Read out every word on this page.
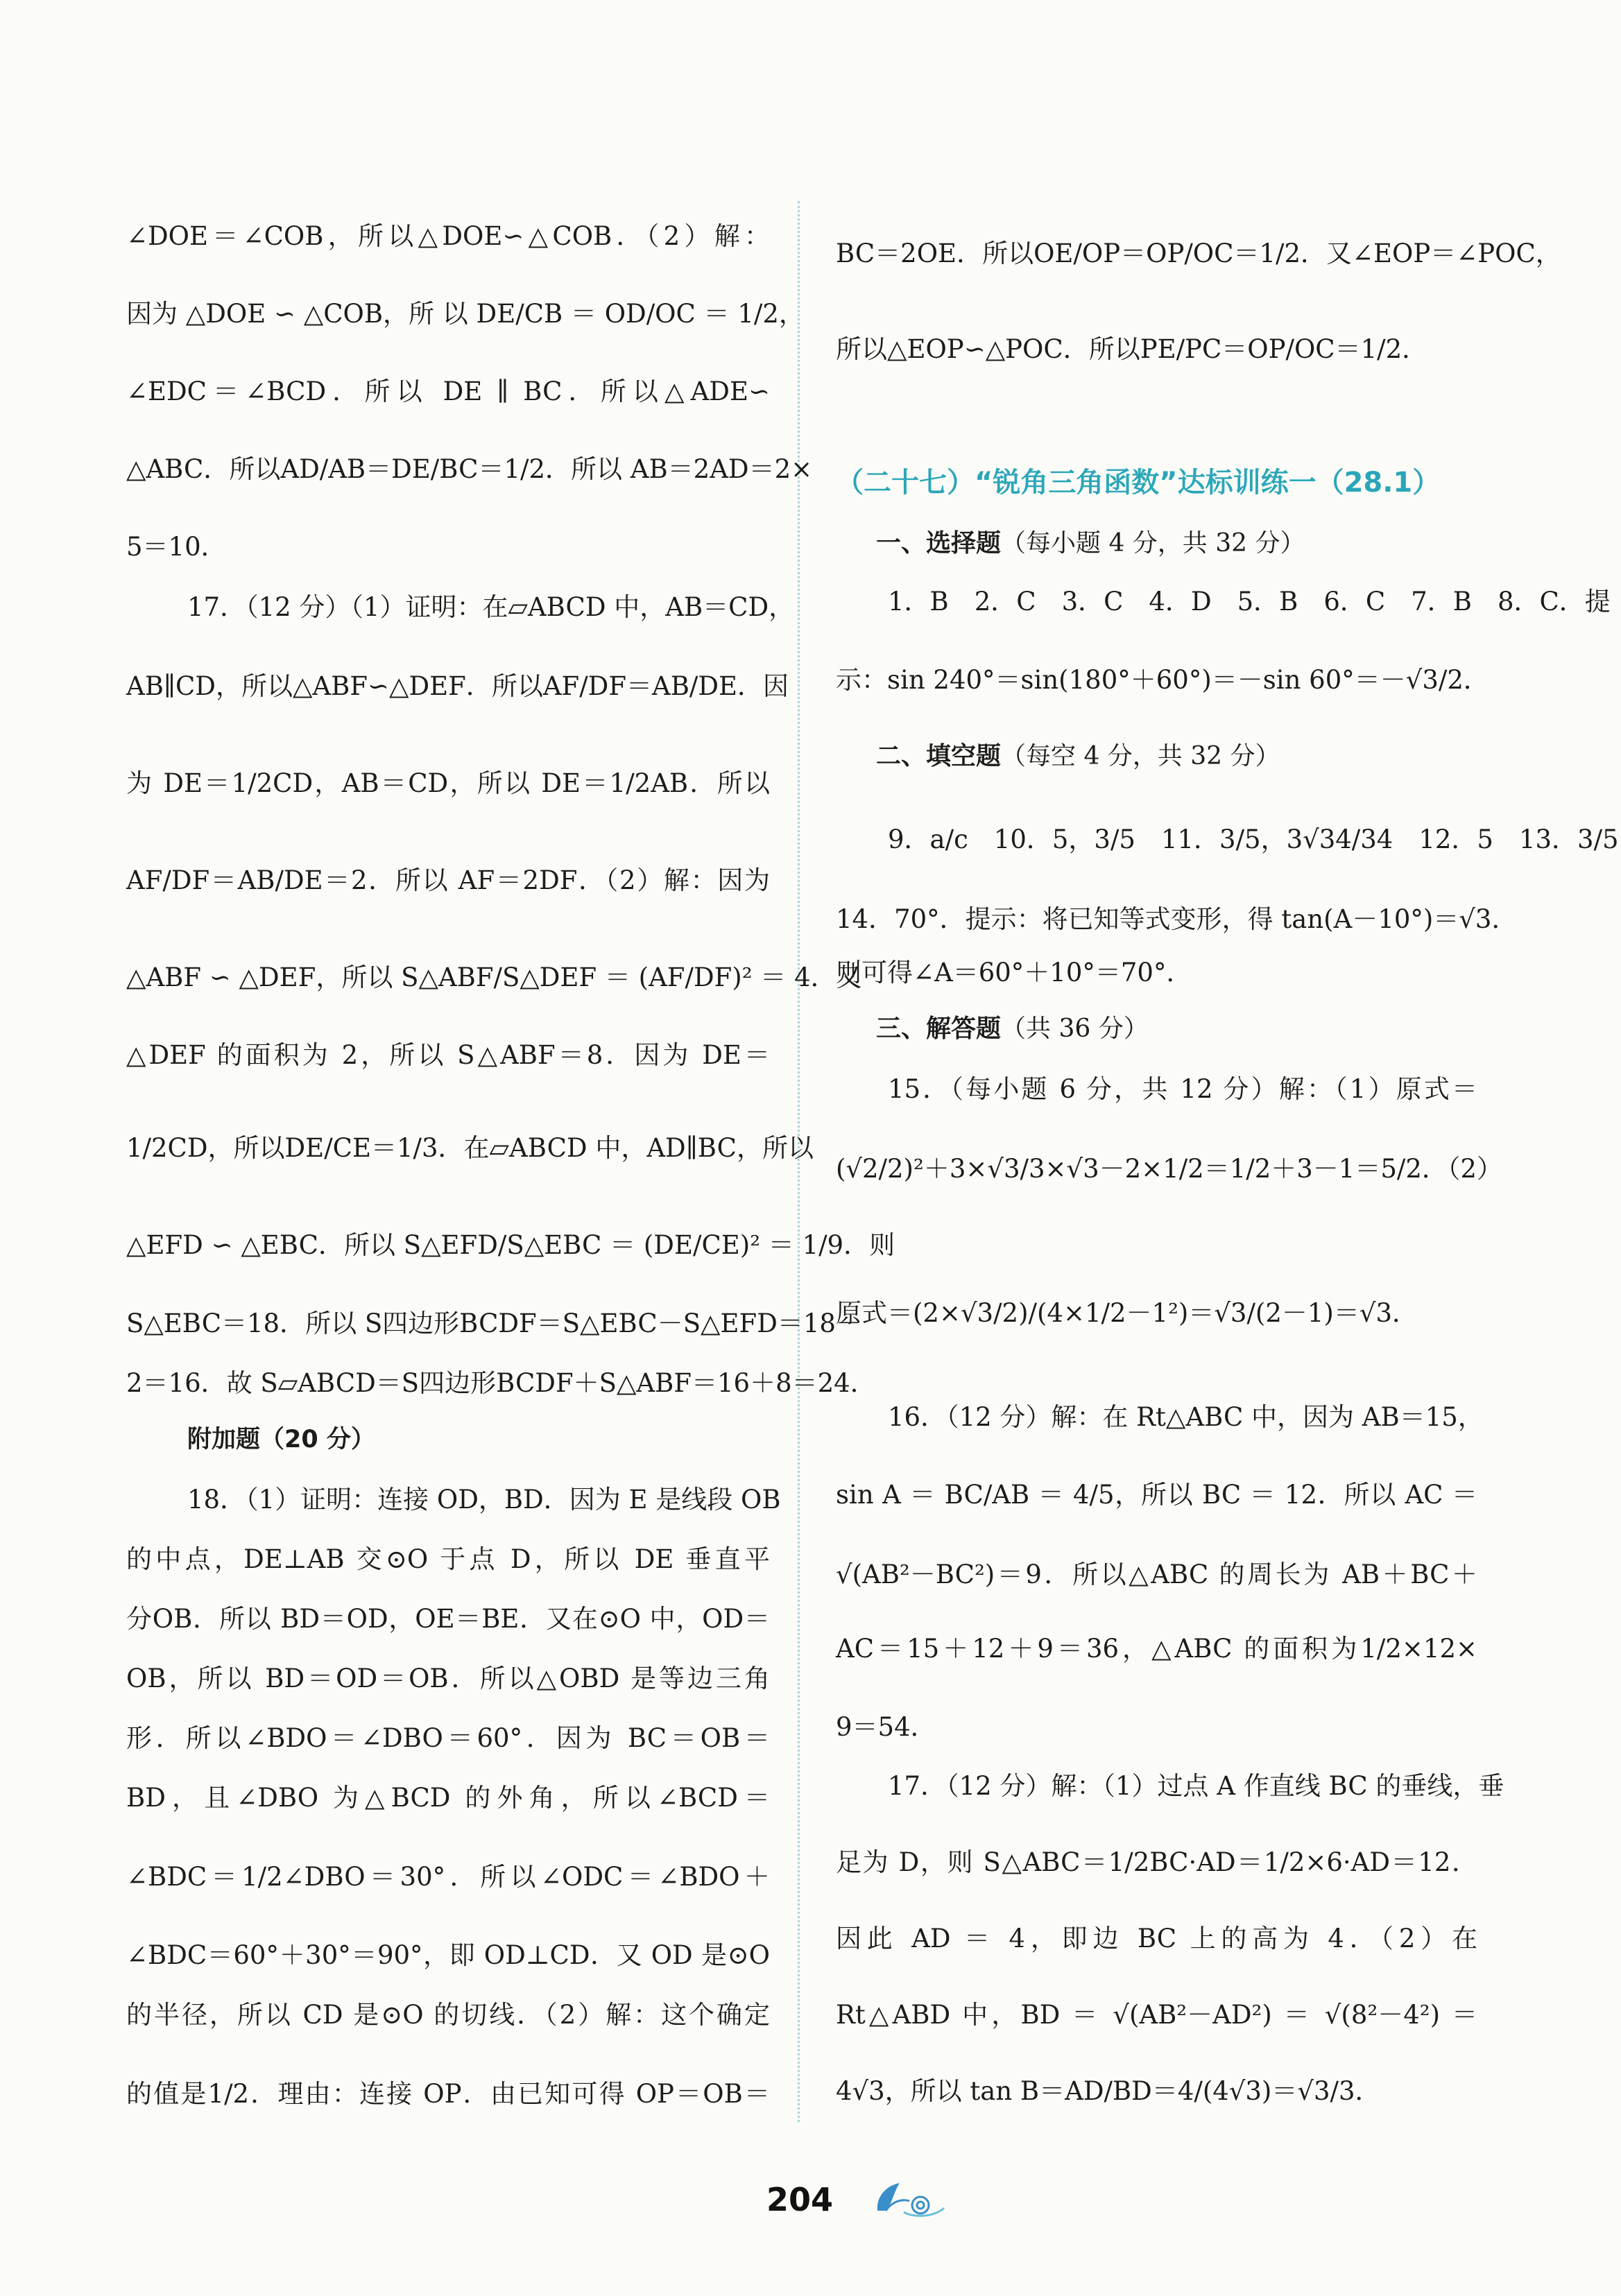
∠DOE＝∠COB，所以△DOE∽△COB．（2）解：
因为 △DOE ∽ △COB，所 以 DE/CB ＝ OD/OC ＝ 1/2，
∠EDC＝∠BCD．所以 DE ∥ BC．所以△ADE∽
△ABC．所以AD/AB＝DE/BC＝1/2．所以 AB＝2AD＝2×
5＝10．
17．（12 分）（1）证明：在▱ABCD 中，AB＝CD，
AB∥CD，所以△ABF∽△DEF．所以AF/DF＝AB/DE．因
为 DE＝1/2CD，AB＝CD，所以 DE＝1/2AB．所以
AF/DF＝AB/DE＝2．所以 AF＝2DF．（2）解：因为
△ABF ∽ △DEF，所以 S△ABF/S△DEF ＝ (AF/DF)² ＝ 4．又
△DEF 的面积为 2，所以 S△ABF＝8．因为 DE＝
1/2CD，所以DE/CE＝1/3．在▱ABCD 中，AD∥BC，所以
△EFD ∽ △EBC．所以 S△EFD/S△EBC ＝ (DE/CE)² ＝ 1/9．则
S△EBC＝18．所以 S四边形BCDF＝S△EBC－S△EFD＝18－
2＝16．故 S▱ABCD＝S四边形BCDF＋S△ABF＝16＋8＝24．
附加题（20 分）
18．（1）证明：连接 OD，BD．因为 E 是线段 OB
的中点，DE⊥AB 交⊙O 于点 D，所以 DE 垂直平
分OB．所以 BD＝OD，OE＝BE．又在⊙O 中，OD＝
OB，所以 BD＝OD＝OB．所以△OBD 是等边三角
形．所以∠BDO＝∠DBO＝60°．因为 BC＝OB＝
BD，且∠DBO 为△BCD 的外角，所以∠BCD＝
∠BDC＝1/2∠DBO＝30°．所以∠ODC＝∠BDO＋
∠BDC＝60°＋30°＝90°，即 OD⊥CD．又 OD 是⊙O
的半径，所以 CD 是⊙O 的切线．（2）解：这个确定
的值是1/2．理由：连接 OP．由已知可得 OP＝OB＝
BC＝2OE．所以OE/OP＝OP/OC＝1/2．又∠EOP＝∠POC，
所以△EOP∽△POC．所以PE/PC＝OP/OC＝1/2．
（二十七）“锐角三角函数”达标训练一（28.1）
一、选择题（每小题 4 分，共 32 分）
1．B　2．C　3．C　4．D　5．B　6．C　7．B　8．C．提
示：sin 240°＝sin(180°＋60°)＝－sin 60°＝－√3/2．
二、填空题（每空 4 分，共 32 分）
9．a/c　10．5，3/5　11．3/5，3√34/34　12．5　13．3/5
14．70°．提示：将已知等式变形，得 tan(A－10°)＝√3．
则可得∠A＝60°＋10°＝70°．
三、解答题（共 36 分）
15．（每小题 6 分，共 12 分）解：（1）原式＝
(√2/2)²＋3×√3/3×√3－2×1/2＝1/2＋3－1＝5/2．（2）
原式＝(2×√3/2)/(4×1/2－1²)＝√3/(2－1)＝√3．
16．（12 分）解：在 Rt△ABC 中，因为 AB＝15，
sin A ＝ BC/AB ＝ 4/5，所以 BC ＝ 12．所以 AC ＝
√(AB²－BC²)＝9．所以△ABC 的周长为 AB＋BC＋
AC＝15＋12＋9＝36，△ABC 的面积为1/2×12×
9＝54．
17．（12 分）解：（1）过点 A 作直线 BC 的垂线，垂
足为 D，则 S△ABC＝1/2BC·AD＝1/2×6·AD＝12．
因此 AD ＝ 4，即边 BC 上的高为 4．（2）在
Rt△ABD 中，BD ＝ √(AB²－AD²) ＝ √(8²－4²) ＝
4√3，所以 tan B＝AD/BD＝4/(4√3)＝√3/3．
204
